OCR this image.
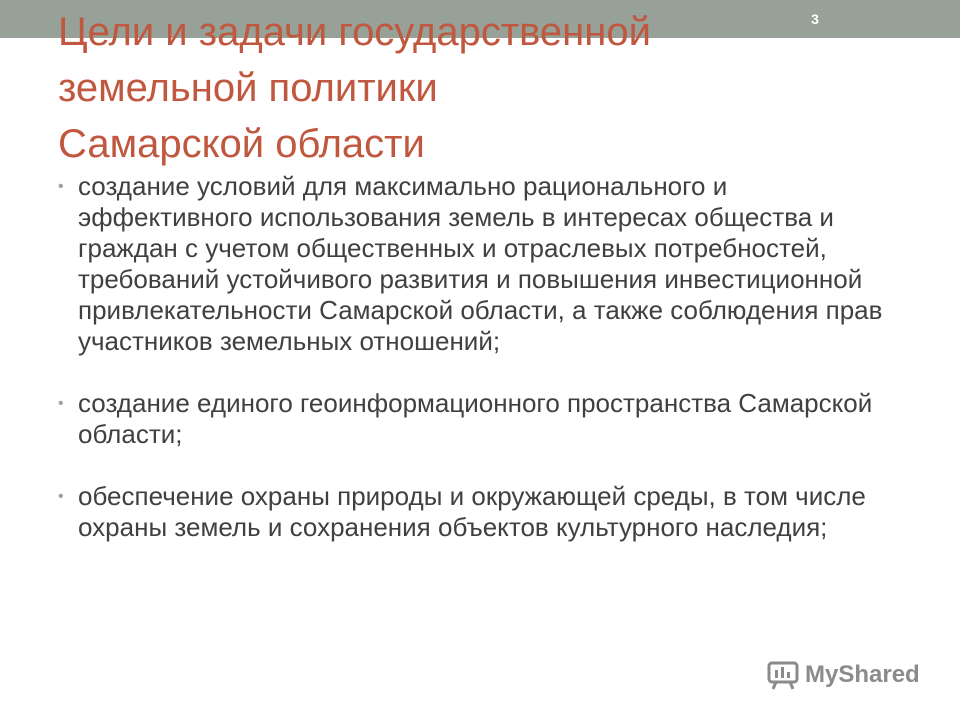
3
Цели и задачи государственной
земельной политики
Самарской области
• создание условий для максимально рационального и эффективного использования земель в интересах общества и граждан с учетом общественных и отраслевых потребностей, требований устойчивого развития и повышения инвестиционной привлекательности Самарской области, а также соблюдения прав участников земельных отношений;
• создание единого геоинформационного пространства Самарской области;
• обеспечение охраны природы и окружающей среды, в том числе охраны земель и сохранения объектов культурного наследия;
MyShared
